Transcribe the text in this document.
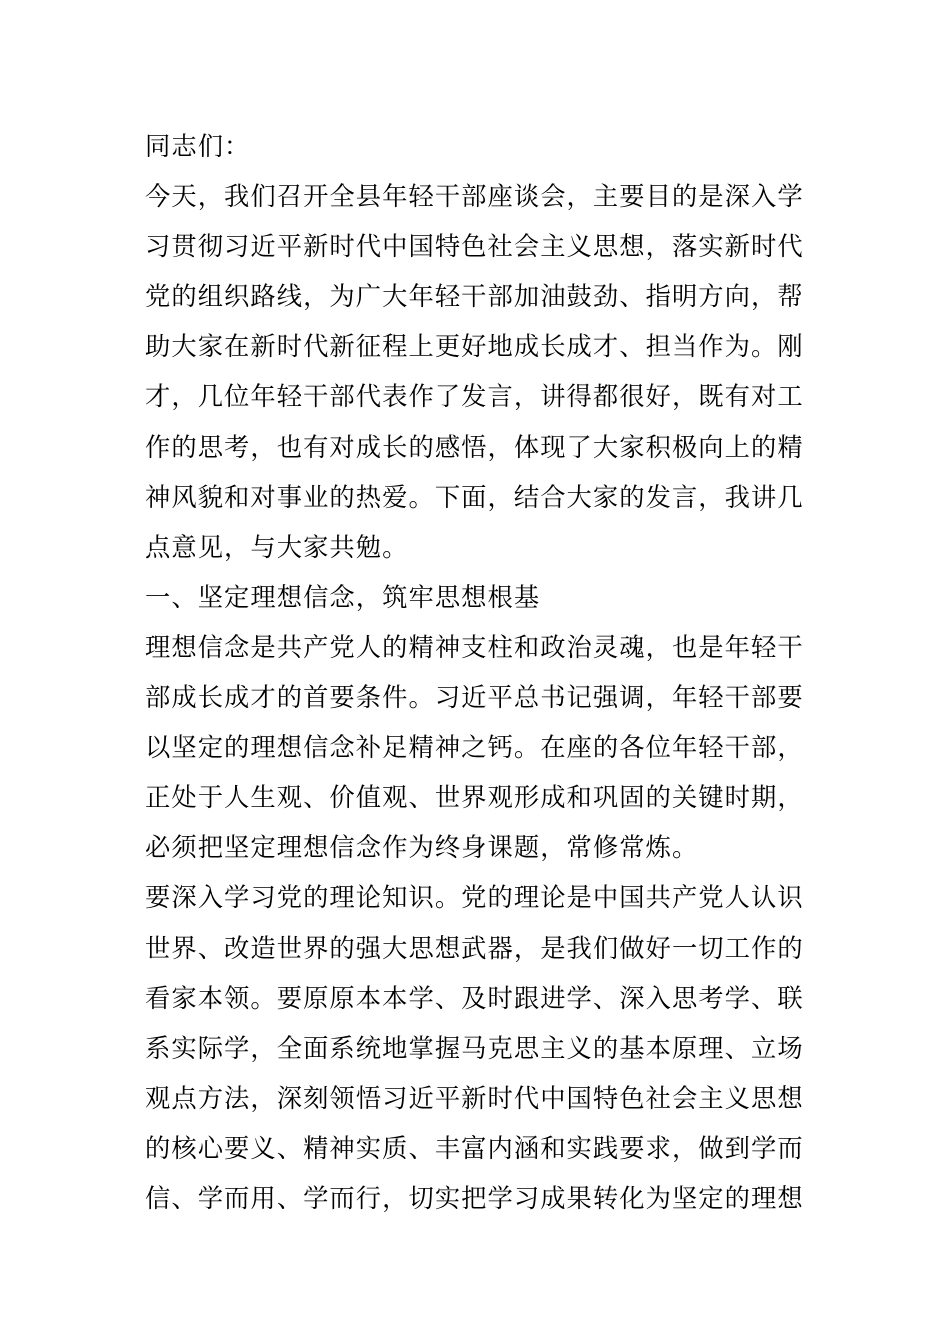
同志们：
今天，我们召开全县年轻干部座谈会，主要目的是深入学
习贯彻习近平新时代中国特色社会主义思想，落实新时代
党的组织路线，为广大年轻干部加油鼓劲、指明方向，帮
助大家在新时代新征程上更好地成长成才、担当作为。刚
才，几位年轻干部代表作了发言，讲得都很好，既有对工
作的思考，也有对成长的感悟，体现了大家积极向上的精
神风貌和对事业的热爱。下面，结合大家的发言，我讲几
点意见，与大家共勉。
一、坚定理想信念，筑牢思想根基
理想信念是共产党人的精神支柱和政治灵魂，也是年轻干
部成长成才的首要条件。习近平总书记强调，年轻干部要
以坚定的理想信念补足精神之钙。在座的各位年轻干部，
正处于人生观、价值观、世界观形成和巩固的关键时期，
必须把坚定理想信念作为终身课题，常修常炼。
要深入学习党的理论知识。党的理论是中国共产党人认识
世界、改造世界的强大思想武器，是我们做好一切工作的
看家本领。要原原本本学、及时跟进学、深入思考学、联
系实际学，全面系统地掌握马克思主义的基本原理、立场
观点方法，深刻领悟习近平新时代中国特色社会主义思想
的核心要义、精神实质、丰富内涵和实践要求，做到学而
信、学而用、学而行，切实把学习成果转化为坚定的理想
